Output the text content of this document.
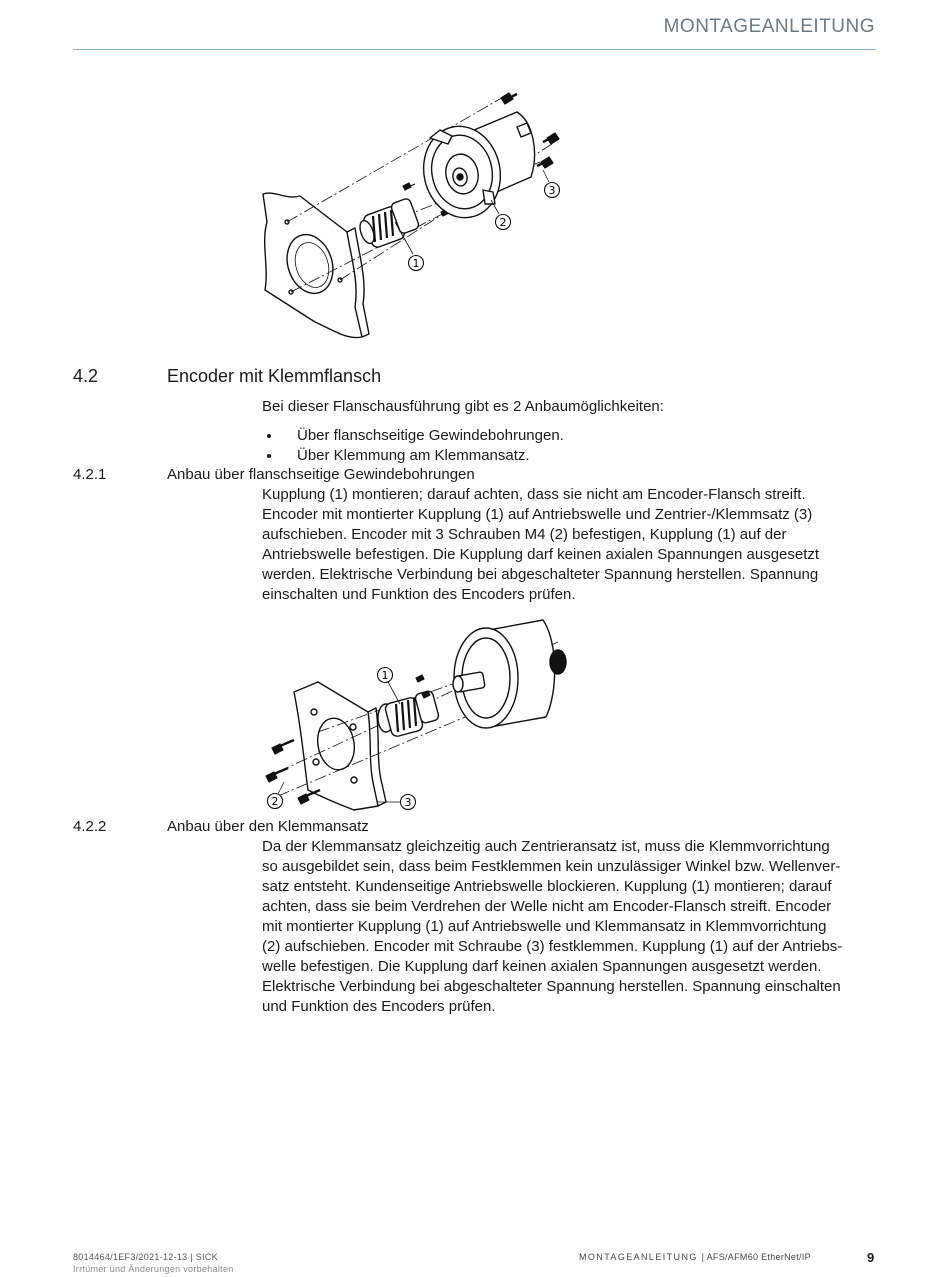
MONTAGEANLEITUNG
1
2
3
4.2	Encoder mit Klemmflansch
Bei dieser Flanschausführung gibt es 2 Anbaumöglichkeiten:
Über flanschseitige Gewindebohrungen.
Über Klemmung am Klemmansatz.
4.2.1	Anbau über flanschseitige Gewindebohrungen
Kupplung (1) montieren; darauf achten, dass sie nicht am Encoder-Flansch streift.
Encoder mit montierter Kupplung (1) auf Antriebswelle und Zentrier-/Klemmsatz (3)
aufschieben. Encoder mit 3 Schrauben M4 (2) befestigen, Kupplung (1) auf der
Antriebswelle befestigen. Die Kupplung darf keinen axialen Spannungen ausgesetzt
werden. Elektrische Verbindung bei abgeschalteter Spannung herstellen. Spannung
einschalten und Funktion des Encoders prüfen.
1
2	3
4.2.2	Anbau über den Klemmansatz
Da der Klemmansatz gleichzeitig auch Zentrieransatz ist, muss die Klemmvorrichtung
so ausgebildet sein, dass beim Festklemmen kein unzulässiger Winkel bzw. Wellenver-
satz entsteht. Kundenseitige Antriebswelle blockieren. Kupplung (1) montieren; darauf
achten, dass sie beim Verdrehen der Welle nicht am Encoder-Flansch streift. Encoder
mit montierter Kupplung (1) auf Antriebswelle und Klemmansatz in Klemmvorrichtung
(2) aufschieben. Encoder mit Schraube (3) festklemmen. Kupplung (1) auf der Antriebs-
welle befestigen. Die Kupplung darf keinen axialen Spannungen ausgesetzt werden.
Elektrische Verbindung bei abgeschalteter Spannung herstellen. Spannung einschalten
und Funktion des Encoders prüfen.
8014464/1EF3/2021-12-13 | SICK
Irrtümer und Änderungen vorbehalten
MONTAGEANLEITUNG | AFS/AFM60 EtherNet/IP	9
